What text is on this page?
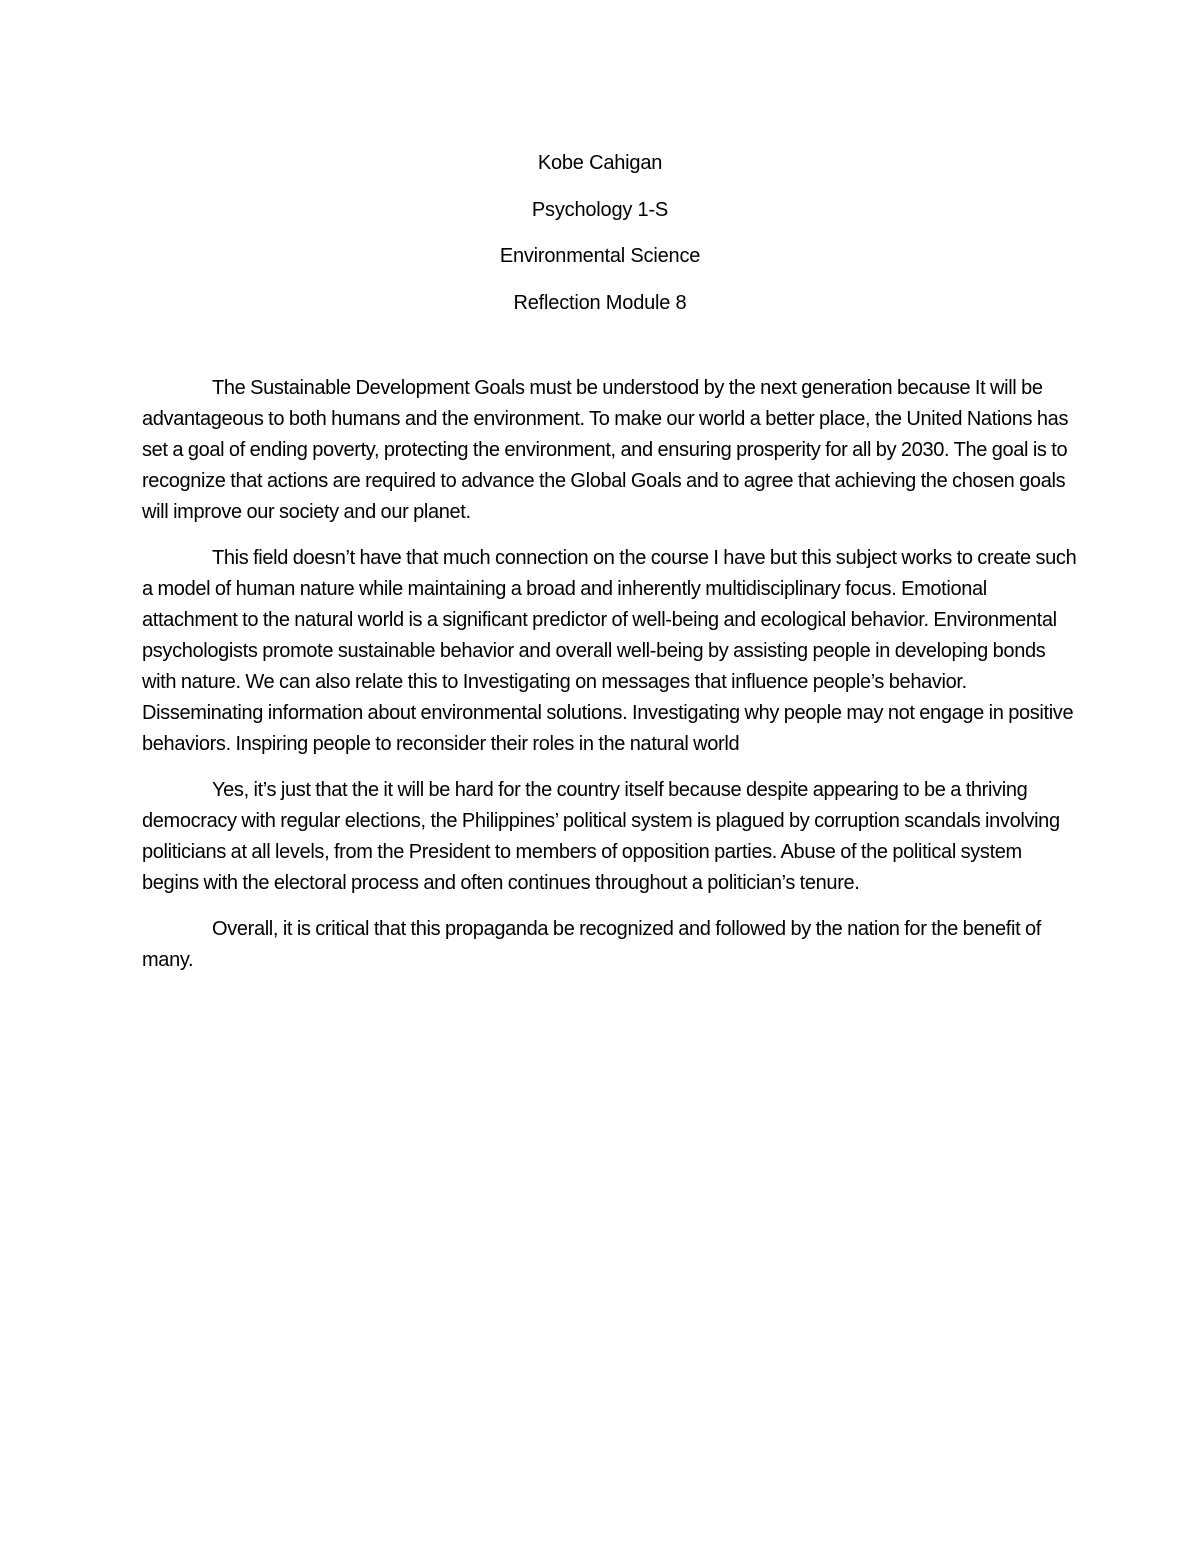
Kobe Cahigan

Psychology 1-S

Environmental Science

Reflection Module 8

The Sustainable Development Goals must be understood by the next generation because It will be advantageous to both humans and the environment. To make our world a better place, the United Nations has set a goal of ending poverty, protecting the environment, and ensuring prosperity for all by 2030. The goal is to recognize that actions are required to advance the Global Goals and to agree that achieving the chosen goals will improve our society and our planet.

This field doesn’t have that much connection on the course I have but this subject works to create such a model of human nature while maintaining a broad and inherently multidisciplinary focus. Emotional attachment to the natural world is a significant predictor of well-being and ecological behavior. Environmental psychologists promote sustainable behavior and overall well-being by assisting people in developing bonds with nature. We can also relate this to Investigating on messages that influence people’s behavior. Disseminating information about environmental solutions. Investigating why people may not engage in positive behaviors. Inspiring people to reconsider their roles in the natural world

Yes, it’s just that the it will be hard for the country itself because despite appearing to be a thriving democracy with regular elections, the Philippines’ political system is plagued by corruption scandals involving politicians at all levels, from the President to members of opposition parties. Abuse of the political system begins with the electoral process and often continues throughout a politician’s tenure.

Overall, it is critical that this propaganda be recognized and followed by the nation for the benefit of many.
